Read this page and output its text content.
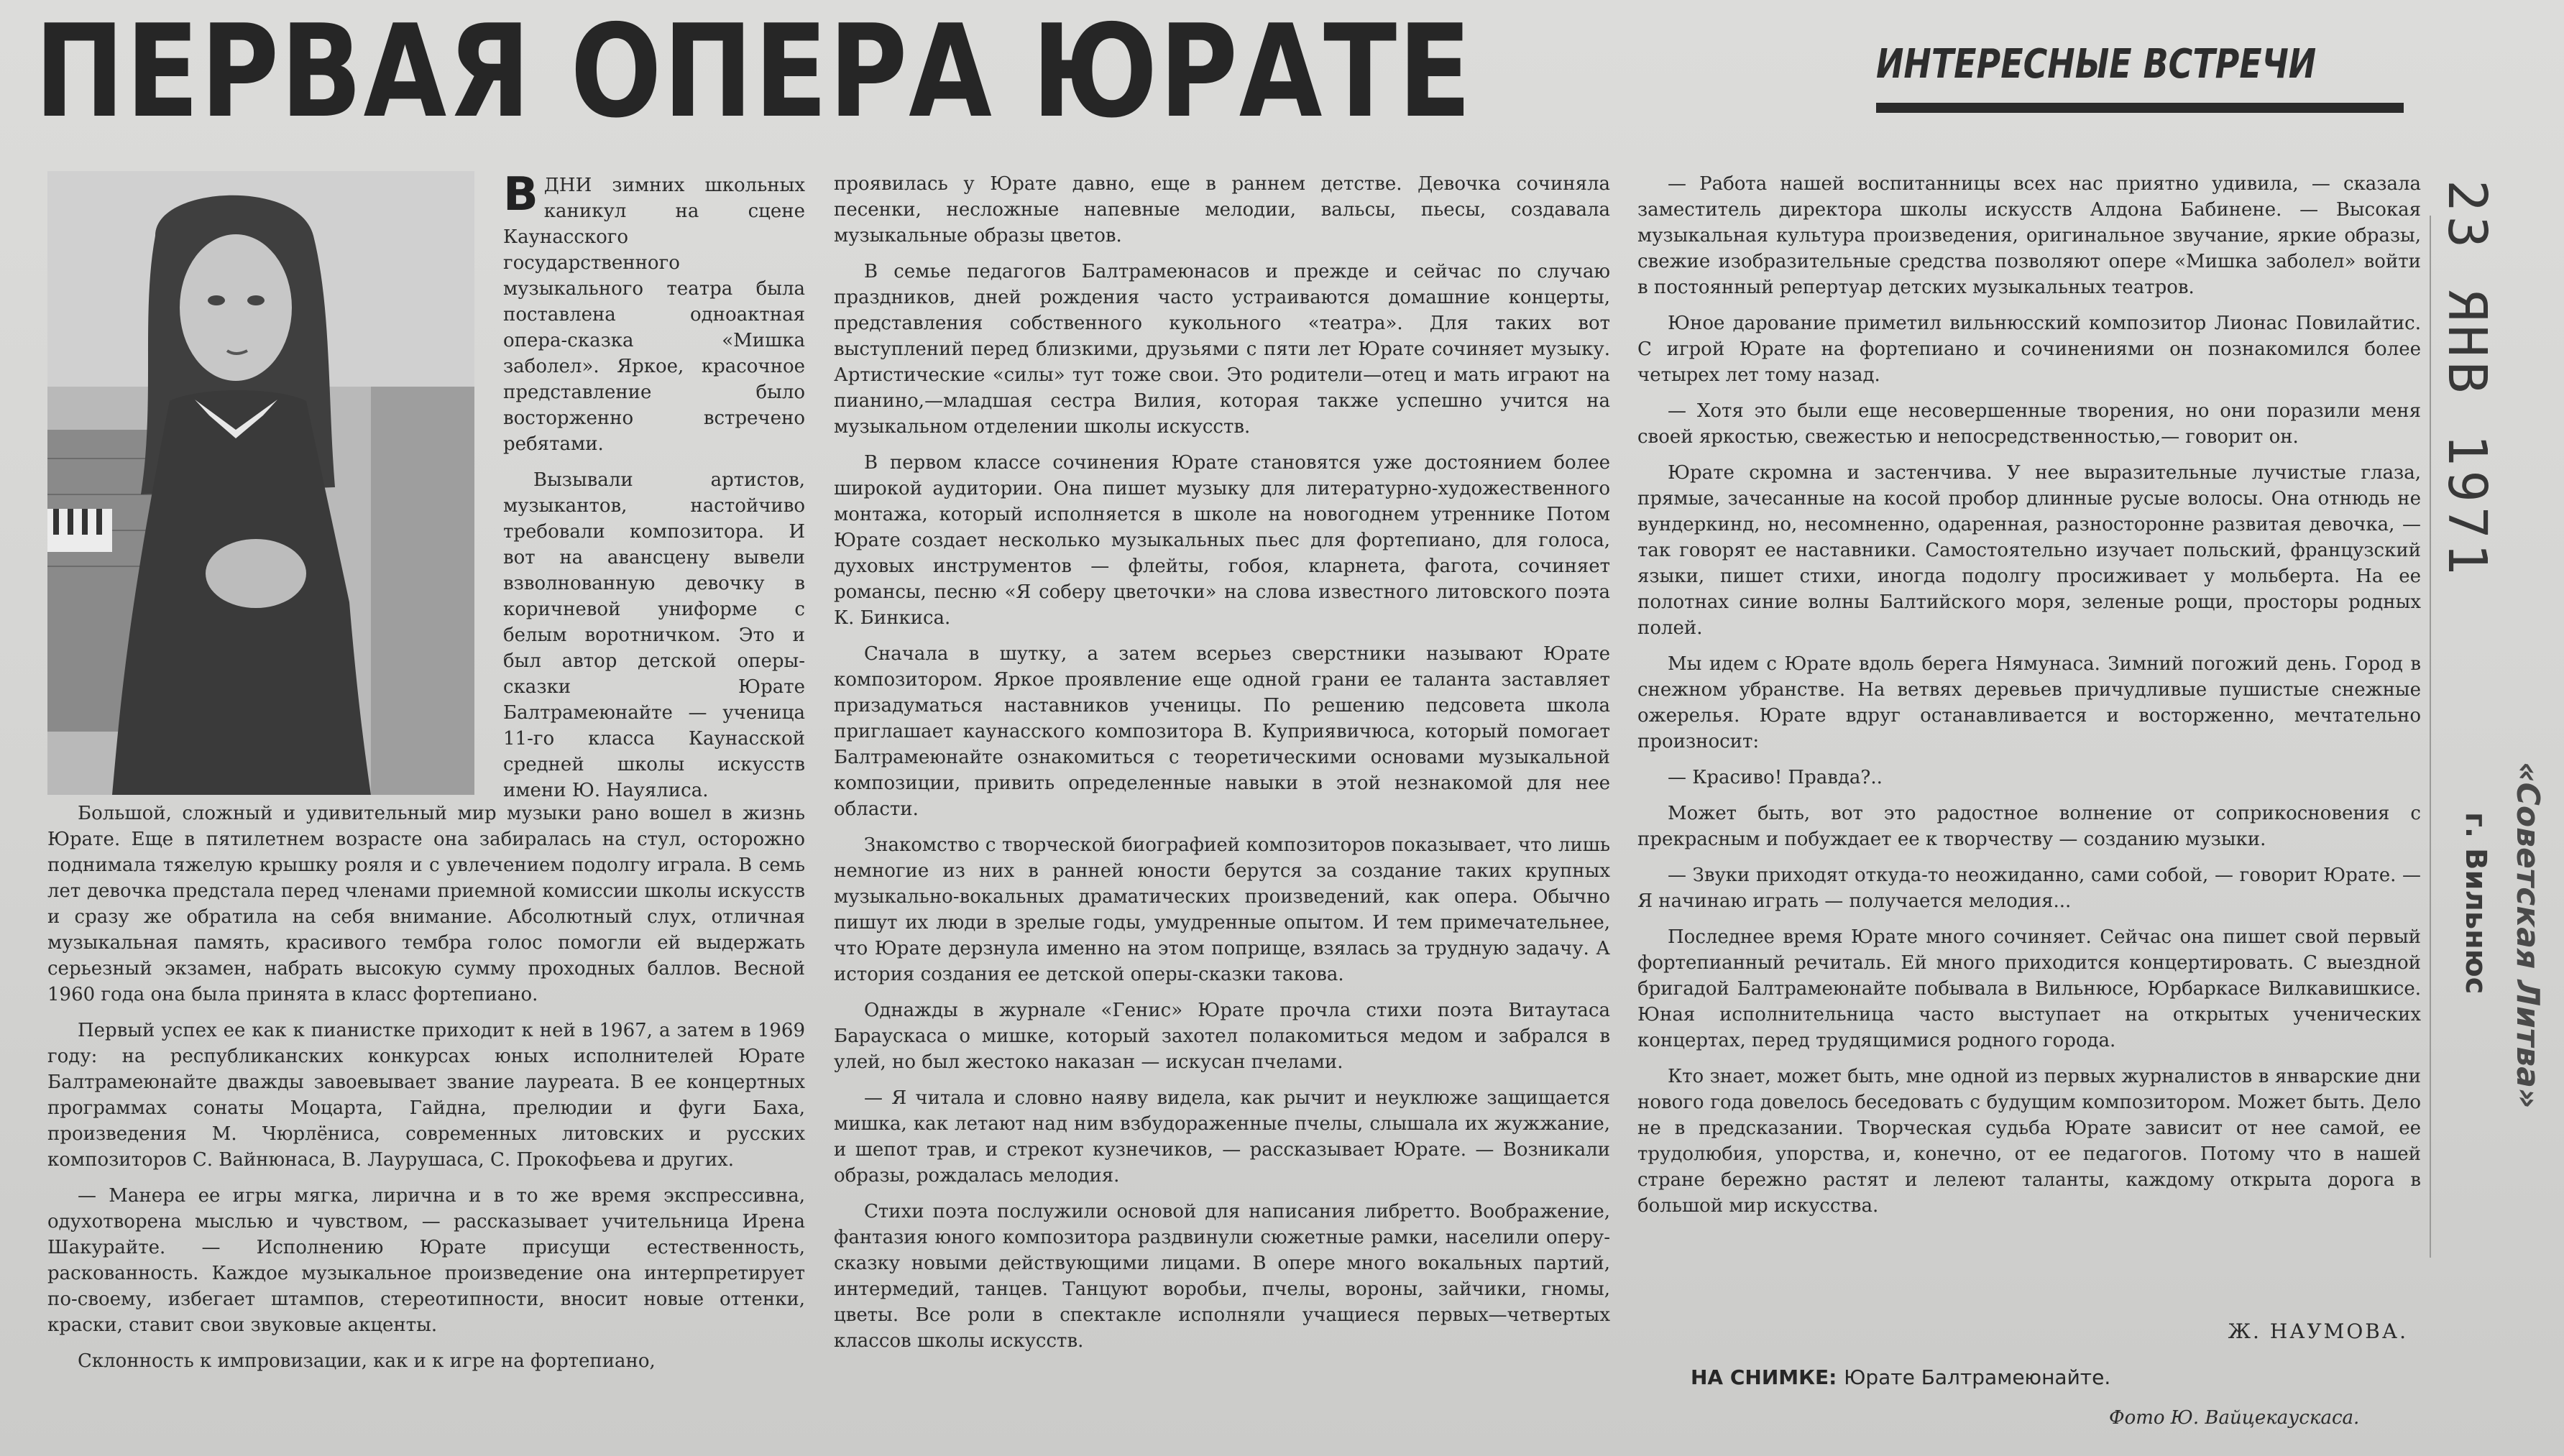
ПЕРВАЯ ОПЕРА ЮРАТЕ	ИНТЕРЕСНЫЕ ВСТРЕЧИ

ВДНИ зимних школьных каникул на сцене Каунасского государственного музыкального театра была поставлена одноактная опера-сказка «Мишка заболел». Яркое, красочное представление было восторженно встречено ребятами.

Вызывали артистов, музыкантов, настойчиво требовали композитора. И вот на авансцену вывели взволнованную девочку в коричневой униформе с белым воротничком. Это и был автор детской оперы-сказки Юрате Балтрамеюнайте — ученица 11-го класса Каунасской средней школы искусств имени Ю. Науялиса.

Большой, сложный и удивительный мир музыки рано вошел в жизнь Юрате. Еще в пятилетнем возрасте она забиралась на стул, осторожно поднимала тяжелую крышку рояля и с увлечением подолгу играла. В семь лет девочка предстала перед членами приемной комиссии школы искусств и сразу же обратила на себя внимание. Абсолютный слух, отличная музыкальная память, красивого тембра голос помогли ей выдержать серьезный экзамен, набрать высокую сумму проходных баллов. Весной 1960 года она была принята в класс фортепиано.

Первый успех ее как к пианистке приходит к ней в 1967, а затем в 1969 году: на республиканских конкурсах юных исполнителей Юрате Балтрамеюнайте дважды завоевывает звание лауреата. В ее концертных программах сонаты Моцарта, Гайдна, прелюдии и фуги Баха, произведения М. Чюрлёниса, современных литовских и русских композиторов С. Вайнюнаса, В. Лаурушаса, С. Прокофьева и других.

— Манера ее игры мягка, лирична и в то же время экспрессивна, одухотворена мыслью и чувством, — рассказывает учительница Ирена Шакурайте. — Исполнению Юрате присущи естественность, раскованность. Каждое музыкальное произведение она интерпретирует по-своему, избегает штампов, стереотипности, вносит новые оттенки, краски, ставит свои звуковые акценты.

Склонность к импровизации, как и к игре на фортепиано,

проявилась у Юрате давно, еще в раннем детстве. Девочка сочиняла песенки, несложные напевные мелодии, вальсы, пьесы, создавала музыкальные образы цветов.

В семье педагогов Балтрамеюнасов и прежде и сейчас по случаю праздников, дней рождения часто устраиваются домашние концерты, представления собственного кукольного «театра». Для таких вот выступлений перед близкими, друзьями с пяти лет Юрате сочиняет музыку. Артистические «силы» тут тоже свои. Это родители—отец и мать играют на пианино,—младшая сестра Вилия, которая также успешно учится на музыкальном отделении школы искусств.

В первом классе сочинения Юрате становятся уже достоянием более широкой аудитории. Она пишет музыку для литературно-художественного монтажа, который исполняется в школе на новогоднем утреннике Потом Юрате создает несколько музыкальных пьес для фортепиано, для голоса, духовых инструментов — флейты, гобоя, кларнета, фагота, сочиняет романсы, песню «Я соберу цветочки» на слова известного литовского поэта К. Бинкиса.

Сначала в шутку, а затем всерьез сверстники называют Юрате композитором. Яркое проявление еще одной грани ее таланта заставляет призадуматься наставников ученицы. По решению педсовета школа приглашает каунасского композитора В. Куприявичюса, который помогает Балтрамеюнайте ознакомиться с теоретическими основами музыкальной композиции, привить определенные навыки в этой незнакомой для нее области.

Знакомство с творческой биографией композиторов показывает, что лишь немногие из них в ранней юности берутся за создание таких крупных музыкально-вокальных драматических произведений, как опера. Обычно пишут их люди в зрелые годы, умудренные опытом. И тем примечательнее, что Юрате дерзнула именно на этом поприще, взялась за трудную задачу. А история создания ее детской оперы-сказки такова.

Однажды в журнале «Генис» Юрате прочла стихи поэта Витаутаса Барауcкаса о мишке, который захотел полакомиться медом и забрался в улей, но был жестоко наказан — искусан пчелами.

— Я читала и словно наяву видела, как рычит и неуклюже защищается мишка, как летают над ним взбудораженные пчелы, слышала их жужжание, и шепот трав, и стрекот кузнечиков, — рассказывает Юрате. — Возникали образы, рождалась мелодия.

Стихи поэта послужили основой для написания либретто. Воображение, фантазия юного композитора раздвинули сюжетные рамки, населили оперу-сказку новыми действующими лицами. В опере много вокальных партий, интермедий, танцев. Танцуют воробьи, пчелы, вороны, зайчики, гномы, цветы. Все роли в спектакле исполняли учащиеся первых—четвертых классов школы искусств.

— Работа нашей воспитанницы всех нас приятно удивила, — сказала заместитель директора школы искусств Алдона Бабинене. — Высокая музыкальная культура произведения, оригинальное звучание, яркие образы, свежие изобразительные средства позволяют опере «Мишка заболел» войти в постоянный репертуар детских музыкальных театров.

Юное дарование приметил вильнюсский композитор Лионас Повилайтис. С игрой Юрате на фортепиано и сочинениями он познакомился более четырех лет тому назад.

— Хотя это были еще несовершенные творения, но они поразили меня своей яркостью, свежестью и непосредственностью,— говорит он.

Юрате скромна и застенчива. У нее выразительные лучистые глаза, прямые, зачесанные на косой пробор длинные русые волосы. Она отнюдь не вундеркинд, но, несомненно, одаренная, разносторонне развитая девочка, — так говорят ее наставники. Самостоятельно изучает польский, французский языки, пишет стихи, иногда подолгу просиживает у мольберта. На ее полотнах синие волны Балтийского моря, зеленые рощи, просторы родных полей.

Мы идем с Юрате вдоль берега Нямунаса. Зимний погожий день. Город в снежном убранстве. На ветвях деревьев причудливые пушистые снежные ожерелья. Юрате вдруг останавливается и восторженно, мечтательно произносит:

— Красиво! Правда?..

Может быть, вот это радостное волнение от соприкосновения с прекрасным и побуждает ее к творчеству — созданию музыки.

— Звуки приходят откуда-то неожиданно, сами собой, — говорит Юрате. — Я начинаю играть — получается мелодия...

Последнее время Юрате много сочиняет. Сейчас она пишет свой первый фортепианный речиталь. Ей много приходится концертировать. С выездной бригадой Балтрамеюнайте побывала в Вильнюсе, Юрбаркасе Вилкавишкисе. Юная исполнительница часто выступает на открытых ученических концертах, перед трудящимися родного города.

Кто знает, может быть, мне одной из первых журналистов в январские дни нового года довелось беседовать с будущим композитором. Может быть. Дело не в предсказании. Творческая судьба Юрате зависит от нее самой, ее трудолюбия, упорства, и, конечно, от ее педагогов. Потому что в нашей стране бережно растят и лелеют таланты, каждому открыта дорога в большой мир искусства.

Ж. НАУМОВА.
НА СНИМКЕ: Юрате Балтрамеюнайте.
Фото Ю. Вайцекаускаса.
23 ЯНВ 1971
«Советская Литва»
г. Вильнюс
